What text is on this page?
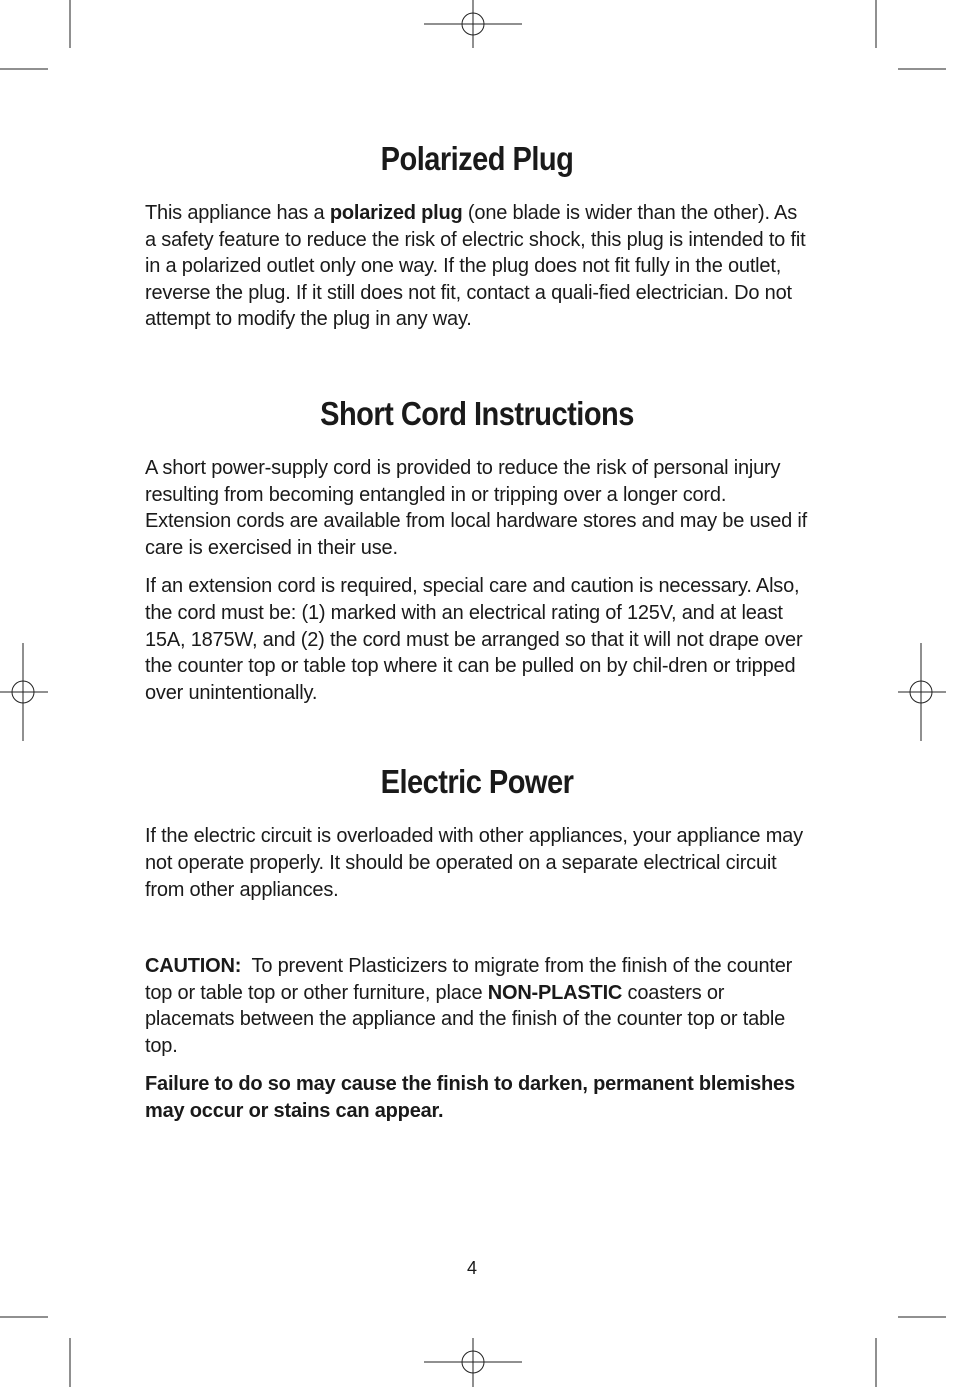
Polarized Plug

This appliance has a polarized plug (one blade is wider than the other). As a safety feature to reduce the risk of electric shock, this plug is intended to fit in a polarized outlet only one way. If the plug does not fit fully in the outlet, reverse the plug. If it still does not fit, contact a quali-fied electrician. Do not attempt to modify the plug in any way.

Short Cord Instructions

A short power-supply cord is provided to reduce the risk of personal injury resulting from becoming entangled in or tripping over a longer cord. Extension cords are available from local hardware stores and may be used if care is exercised in their use.

If an extension cord is required, special care and caution is necessary. Also, the cord must be: (1) marked with an electrical rating of 125V, and at least 15A, 1875W, and (2) the cord must be arranged so that it will not drape over the counter top or table top where it can be pulled on by chil-dren or tripped over unintentionally.

Electric Power

If the electric circuit is overloaded with other appliances, your appliance may not operate properly. It should be operated on a separate electrical circuit from other appliances.

CAUTION:  To prevent Plasticizers to migrate from the finish of the counter top or table top or other furniture, place NON-PLASTIC coasters or placemats between the appliance and the finish of the counter top or table top.

Failure to do so may cause the finish to darken, permanent blemishes may occur or stains can appear.

4
